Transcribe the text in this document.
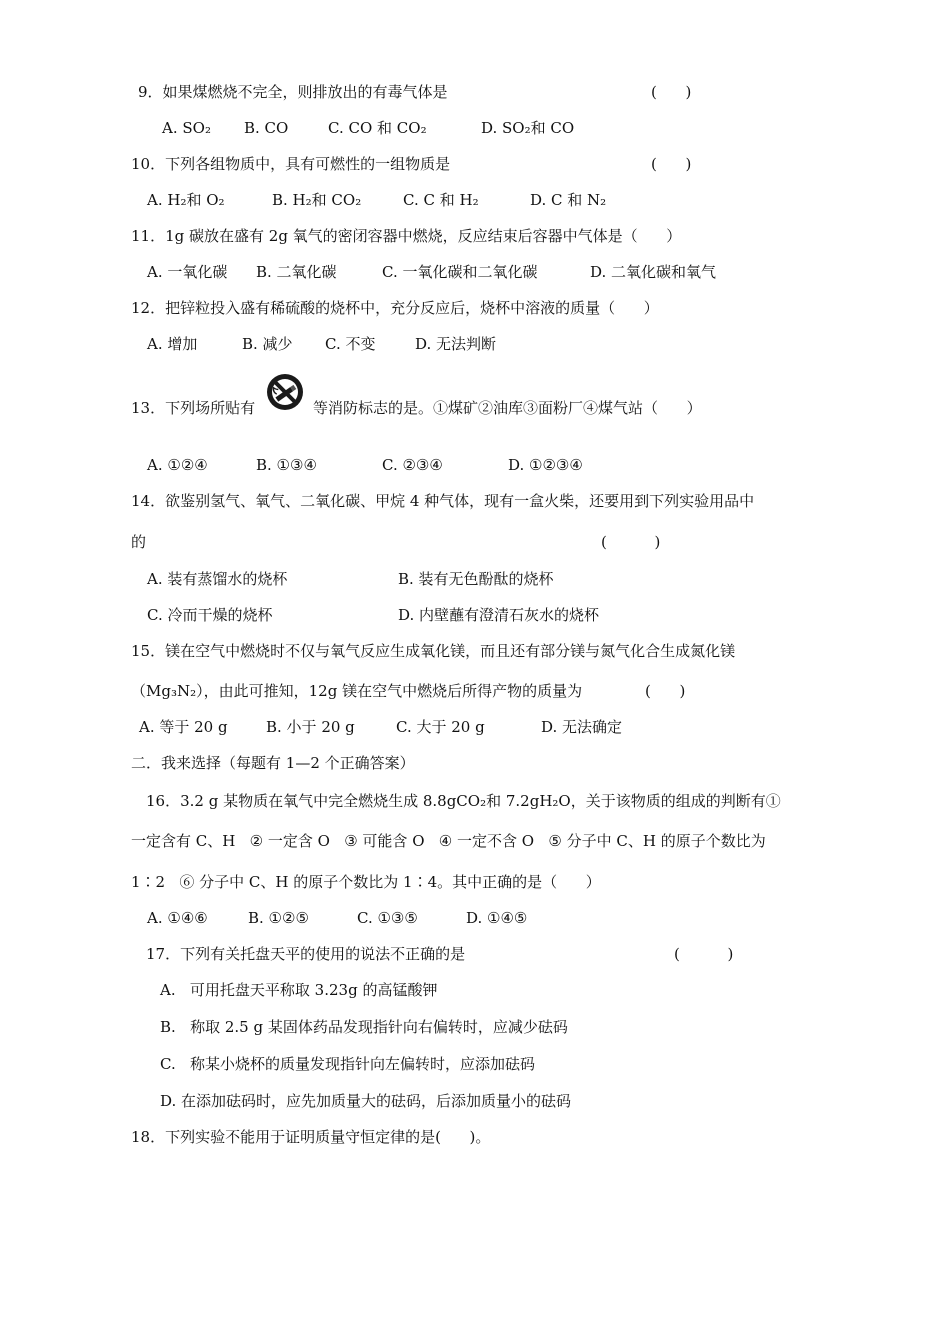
9．如果煤燃烧不完全，则排放出的有毒气体是	(      )
A. SO₂ B. CO	C. CO 和 CO₂	D. SO₂和 CO
10．下列各组物质中，具有可燃性的一组物质是	(      )
A. H₂和 O₂	B. H₂和 CO₂	C. C 和 H₂	D. C 和 N₂
11．1g 碳放在盛有 2g 氧气的密闭容器中燃烧，反应结束后容器中气体是（      ）
A. 一氧化碳 B. 二氧化碳	C. 一氧化碳和二氧化碳	D. 二氧化碳和氧气
12．把锌粒投入盛有稀硫酸的烧杯中，充分反应后，烧杯中溶液的质量（      ）
A. 增加	B. 减少 C. 不变	D. 无法判断
13．下列场所贴有	等消防标志的是。①煤矿②油库③面粉厂④煤气站（      ）
A. ①②④	B. ①③④	C. ②③④	D. ①②③④
14．欲鉴别氢气、氧气、二氧化碳、甲烷 4 种气体，现有一盒火柴，还要用到下列实验用品中
的	(          )
A. 装有蒸馏水的烧杯	B. 装有无色酚酞的烧杯
C. 冷而干燥的烧杯	D. 内壁蘸有澄清石灰水的烧杯
15．镁在空气中燃烧时不仅与氧气反应生成氧化镁，而且还有部分镁与氮气化合生成氮化镁
（Mg₃N₂），由此可推知，12g 镁在空气中燃烧后所得产物的质量为	(      )
A. 等于 20 g	B. 小于 20 g	C. 大于 20 g	D. 无法确定
二．我来选择（每题有 1—2 个正确答案）
16．3.2 g 某物质在氧气中完全燃烧生成 8.8gCO₂和 7.2gH₂O，关于该物质的组成的判断有①
一定含有 C、H   ② 一定含 O   ③ 可能含 O   ④ 一定不含 O   ⑤ 分子中 C、H 的原子个数比为
1∶2   ⑥ 分子中 C、H 的原子个数比为 1∶4。其中正确的是（      ）
A. ①④⑥	B. ①②⑤	C. ①③⑤	D. ①④⑤
17．下列有关托盘天平的使用的说法不正确的是	(          )
A.   可用托盘天平称取 3.23g 的高锰酸钾
B.   称取 2.5 g 某固体药品发现指针向右偏转时，应减少砝码
C.   称某小烧杯的质量发现指针向左偏转时，应添加砝码
D. 在添加砝码时，应先加质量大的砝码，后添加质量小的砝码
18．下列实验不能用于证明质量守恒定律的是(      )。
